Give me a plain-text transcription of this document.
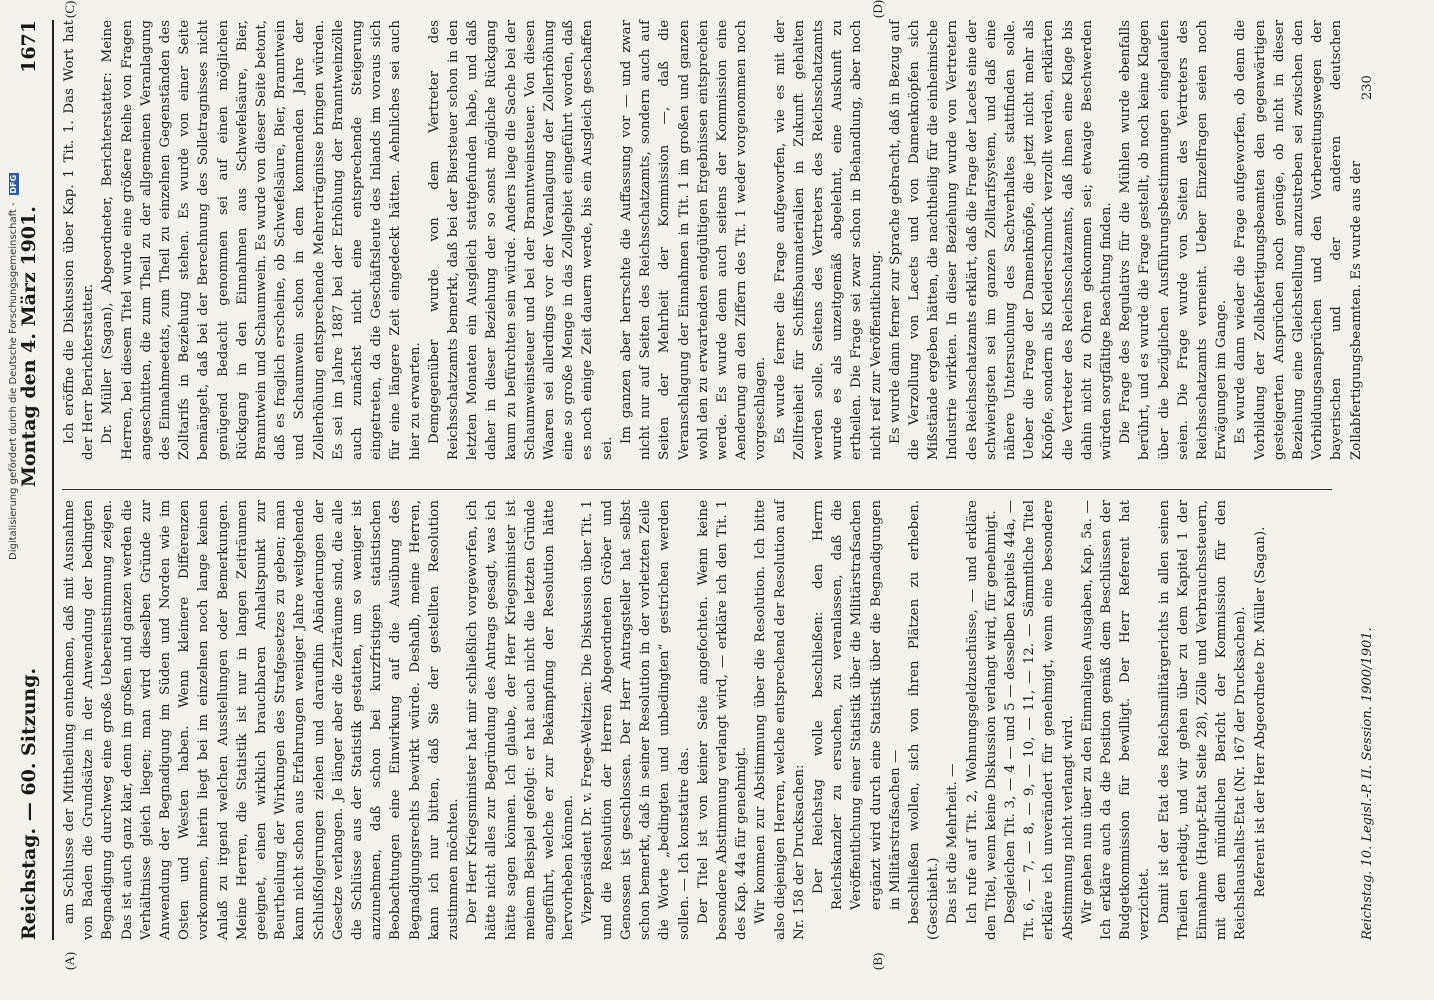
Reichstag. — 60. Sitzung.
Montag den 4. März 1901.  1671
(A)	(B)
(C)	(D)

am Schlusse der Mittheilung entnehmen, daß mit Ausnahme von Baden die Grundsätze in der Anwendung der bedingten Begnadigung durchweg eine große Uebereinstimmung zeigen. Das ist auch ganz klar, denn im großen und ganzen werden die Verhältnisse gleich liegen; man wird dieselben Gründe zur Anwendung der Begnadigung im Süden und Norden wie im Osten und Westen haben. Wenn kleinere Differenzen vorkommen, hierin liegt bei im einzelnen noch lange keinen Anlaß zu irgend welchen Ausstellungen oder Bemerkungen. Meine Herren, die Statistik ist nur in langen Zeiträumen geeignet, einen wirklich brauchbaren Anhaltspunkt zur Beurtheilung der Wirkungen des Strafgesetzes zu geben; man kann nicht schon aus Erfahrungen weniger Jahre weitgehende Schlußfolgerungen ziehen und daraufhin Abänderungen der Gesetze verlangen. Je länger aber die Zeiträume sind, die alle die Schlüsse aus der Statistik gestatten, um so weniger ist anzunehmen, daß schon bei kurzfristigen statistischen Beobachtungen eine Einwirkung auf die Ausübung des Begnadigungsrechts bewirkt würde. Deshalb, meine Herren, kann ich nur bitten, daß Sie der gestellten Resolution zustimmen möchten. Der Herr Kriegsminister hat mir schließlich vorgeworfen, ich hätte nicht alles zur Begründung des Antrags gesagt, was ich hätte sagen können. Ich glaube, der Herr Kriegsminister ist meinem Beispiel gefolgt: er hat auch nicht die letzten Gründe angeführt, welche er zur Bekämpfung der Resolution hätte hervorheben können. Vizepräsident Dr. v. Frege-Weltzien: Die Diskussion über Tit. 1 und die Resolution der Herren Abgeordneten Gröber und Genossen ist geschlossen. Der Herr Antragsteller hat selbst schon bemerkt, daß in seiner Resolution in der vorletzten Zeile die Worte „bedingten und unbedingten“ gestrichen werden sollen. — Ich konstatire das. Der Titel ist von keiner Seite angefochten. Wenn keine besondere Abstimmung verlangt wird, — erkläre ich den Tit. 1 des Kap. 44a für genehmigt. Wir kommen zur Abstimmung über die Resolution. Ich bitte also diejenigen Herren, welche entsprechend der Resolution auf Nr. 158 der Drucksachen: Der Reichstag wolle beschließen: den Herrn Reichskanzler zu ersuchen, zu veranlassen, daß die Veröffentlichung einer Statistik über die Militärstrafsachen ergänzt wird durch eine Statistik über die Begnadigungen in Militärstrafsachen — beschließen wollen, sich von ihren Plätzen zu erheben. (Geschieht.) Das ist die Mehrheit. — Ich rufe auf Tit. 2, Wohnungsgeldzuschüsse, — und erkläre den Titel, wenn keine Diskussion verlangt wird, für genehmigt. Desgleichen Tit. 3, — 4 — und 5 — desselben Kapitels 44a, — Tit. 6, — 7, — 8, — 9, — 10, — 11, — 12. — Sämmtliche Titel erkläre ich unverändert für genehmigt, wenn eine besondere Abstimmung nicht verlangt wird. Wir gehen nun über zu den Einmaligen Ausgaben, Kap. 5a. — Ich erkläre auch da die Position gemäß dem Beschlüssen der Budgetkommission für bewilligt. Der Herr Referent hat verzichtet. Damit ist der Etat des Reichsmilitärgerichts in allen seinen Theilen erledigt, und wir gehen über zu dem Kapitel 1 der Einnahme (Haupt-Etat Seite 28), Zölle und Verbrauchssteuern, mit dem mündlichen Bericht der Kommission für den Reichshaushalts-Etat (Nr. 167 der Drucksachen). Referent ist der Herr Abgeordnete Dr. Müller (Sagan).

Ich eröffne die Diskussion über Kap. 1 Tit. 1. Das Wort hat der Herr Berichterstatter. Dr. Müller (Sagan), Abgeordneter, Berichterstatter: Meine Herren, bei diesem Titel wurde eine größere Reihe von Fragen angeschnitten, die zum Theil zu der allgemeinen Veranlagung des Einnahmeetats, zum Theil zu einzelnen Gegenständen des Zolltarifs in Beziehung stehen. Es wurde von einer Seite bemängelt, daß bei der Berechnung des Solletragnisses nicht genügend Bedacht genommen sei auf einen möglichen Rückgang in den Einnahmen aus Schwefelsäure, Bier, Branntwein und Schaumwein. Es wurde von dieser Seite betont, daß es fraglich erscheine, ob Schwefelsäure, Bier, Branntwein und Schaumwein schon in dem kommenden Jahre der Zollerhöhung entsprechende Mehrerträgnisse bringen würden. Es sei im Jahre 1887 bei der Erhöhung der Branntweinzölle auch zunächst nicht eine entsprechende Steigerung eingetreten, da die Geschäftsleute des Inlands im voraus sich für eine längere Zeit eingedeckt hätten. Aehnliches sei auch hier zu erwarten. Demgegenüber wurde von dem Vertreter des Reichsschatzamts bemerkt, daß bei der Biersteuer schon in den letzten Monaten ein Ausgleich stattgefunden habe, und daß daher in dieser Beziehung der so sonst mögliche Rückgang kaum zu befürchten sein würde. Anders liege die Sache bei der Schaumweinsteuer und bei der Branntweinsteuer. Von diesen Waaren sei allerdings vor der Veranlagung der Zollerhöhung eine so große Menge in das Zollgebiet eingeführt worden, daß es noch einige Zeit dauern werde, bis ein Ausgleich geschaffen sei.

Im ganzen aber herrschte die Auffassung vor — und zwar nicht nur auf Seiten des Reichsschatzamts, sondern auch auf Seiten der Mehrheit der Kommission —, daß die Veranschlagung der Einnahmen in Tit. 1 im großen und ganzen wohl den zu erwartenden endgültigen Ergebnissen entsprechen werde. Es wurde denn auch seitens der Kommission eine Aenderung an den Ziffern des Tit. 1 weder vorgenommen noch vorgeschlagen. Es wurde ferner die Frage aufgeworfen, wie es mit der Zollfreiheit für Schiffsbaumaterialien in Zukunft gehalten werden solle. Seitens des Vertreters des Reichsschatzamts wurde es als unzeitgemäß abgelehnt, eine Auskunft zu ertheilen. Die Frage sei zwar schon in Behandlung, aber noch nicht reif zur Veröffentlichung. Es wurde dann ferner zur Sprache gebracht, daß in Bezug auf die Verzollung von Lacets und von Damenknöpfen sich Mißstände ergeben hätten, die nachtheilig für die einheimische Industrie wirkten. In dieser Beziehung wurde von Vertretern des Reichsschatzamts erklärt, daß die Frage der Lacets eine der schwierigsten sei im ganzen Zolltarifsystem, und daß eine nähere Untersuchung des Sachverhaltes stattfinden solle. Ueber die Frage der Damenknöpfe, die jetzt nicht mehr als Knöpfe, sondern als Kleiderschmuck verzollt werden, erklärten die Vertreter des Reichsschatzamts, daß ihnen eine Klage bis dahin nicht zu Ohren gekommen sei; etwaige Beschwerden würden sorgfältige Beachtung finden. Die Frage des Regulativs für die Mühlen wurde ebenfalls berührt, und es wurde die Frage gestellt, ob noch keine Klagen über die bezüglichen Ausführungsbestimmungen eingelaufen seien. Die Frage wurde von Seiten des Vertreters des Reichsschatzamts verneint. Ueber Einzelfragen seien noch Erwägungen im Gange. Es wurde dann wieder die Frage aufgeworfen, ob denn die Vorbildung der Zollabfertigungsbeamten den gegenwärtigen gesteigerten Ansprüchen noch genüge, ob nicht in dieser Beziehung eine Gleichstellung anzustreben sei zwischen den Vorbildungsansprüchen und den Vorbereitungswegen der bayerischen und der anderen deutschen Zollabfertigungsbeamten. Es wurde aus der

Reichstag. 10. Legisl.-P. II. Session. 1900/1901.
230
Digitalisierung gefördert durch die Deutsche Forschungsgemeinschaft - DFG
